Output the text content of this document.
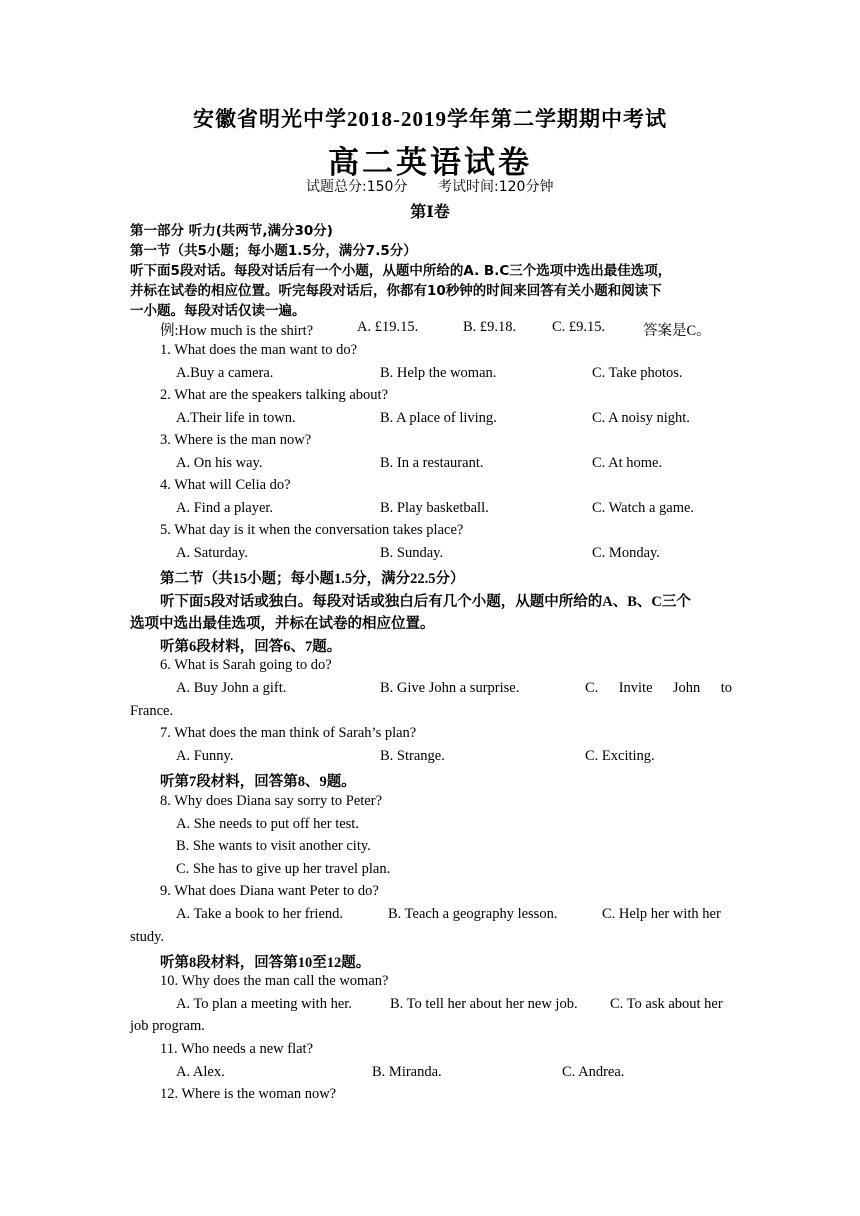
安徽省明光中学2018-2019学年第二学期期中考试
高二英语试卷
试题总分:150分 考试时间:120分钟
第Ⅰ卷
第一部分 听力(共两节,满分30分)
第一节（共5小题；每小题1.5分，满分7.5分）
听下面5段对话。每段对话后有一个小题，从题中所给的A. B.C三个选项中选出最佳选项，
并标在试卷的相应位置。听完每段对话后，你都有10秒钟的时间来回答有关小题和阅读下
一小题。每段对话仅读一遍。
例:How much is the shirt?	A. £19.15.	B. £9.18. C. £9.15.	答案是C。
1. What does the man want to do?
A.Buy a camera.	B. Help the woman.	C. Take photos.
2. What are the speakers talking about?
A.Their life in town.	B. A place of living.	C. A noisy night.
3. Where is the man now?
A. On his way.	B. In a restaurant.	C. At home.
4. What will Celia do?
A. Find a player.	B. Play basketball.	C. Watch a game.
5. What day is it when the conversation takes place?
A. Saturday.	B. Sunday.	C. Monday.
第二节（共15小题；每小题1.5分，满分22.5分）
听下面5段对话或独白。每段对话或独白后有几个小题，从题中所给的A、B、C三个
选项中选出最佳选项，并标在试卷的相应位置。
听第6段材料，回答6、7题。
6. What is Sarah going to do?
A. Buy John a gift.	B. Give John a surprise.	C. Invite John to
France.
7. What does the man think of Sarah’s plan?
A. Funny.	B. Strange.	C. Exciting.
听第7段材料，回答第8、9题。
8. Why does Diana say sorry to Peter?
A. She needs to put off her test.
B. She wants to visit another city.
C. She has to give up her travel plan.
9. What does Diana want Peter to do?
A. Take a book to her friend.	B. Teach a geography lesson.	C. Help her with her
study.
听第8段材料，回答第10至12题。
10. Why does the man call the woman?
A. To plan a meeting with her.	B. To tell her about her new job. C. To ask about her
job program.
11. Who needs a new flat?
A. Alex.	B. Miranda.	C. Andrea.
12. Where is the woman now?
